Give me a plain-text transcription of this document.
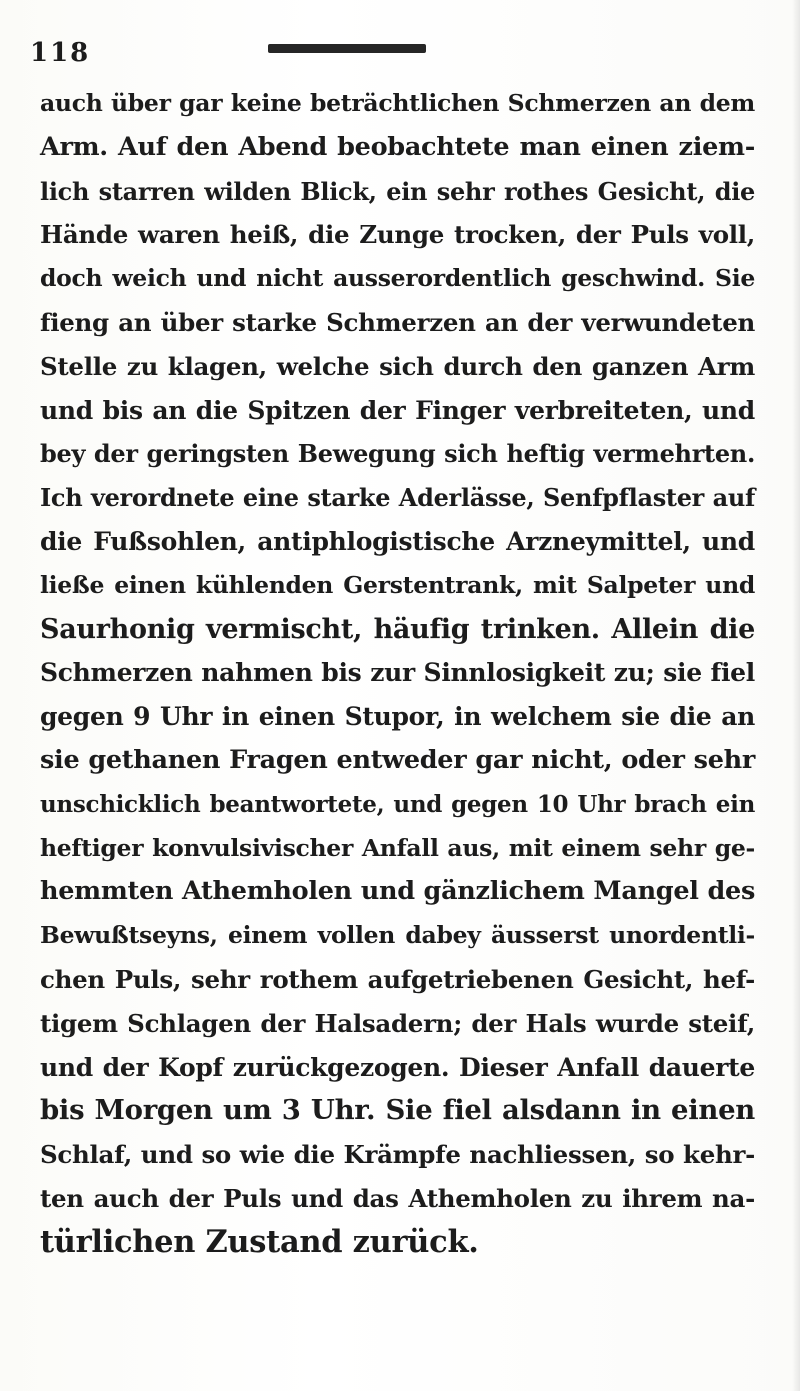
118
auch über gar keine beträchtlichen Schmerzen an dem
Arm. Auf den Abend beobachtete man einen ziem-
lich starren wilden Blick, ein sehr rothes Gesicht, die
Hände waren heiß, die Zunge trocken, der Puls voll,
doch weich und nicht ausserordentlich geschwind. Sie
fieng an über starke Schmerzen an der verwundeten
Stelle zu klagen, welche sich durch den ganzen Arm
und bis an die Spitzen der Finger verbreiteten, und
bey der geringsten Bewegung sich heftig vermehrten.
Ich verordnete eine starke Aderlässe, Senfpflaster auf
die Fußsohlen, antiphlogistische Arzneymittel, und
ließe einen kühlenden Gerstentrank, mit Salpeter und
Saurhonig vermischt, häufig trinken. Allein die
Schmerzen nahmen bis zur Sinnlosigkeit zu; sie fiel
gegen 9 Uhr in einen Stupor, in welchem sie die an
sie gethanen Fragen entweder gar nicht, oder sehr
unschicklich beantwortete, und gegen 10 Uhr brach ein
heftiger konvulsivischer Anfall aus, mit einem sehr ge-
hemmten Athemholen und gänzlichem Mangel des
Bewußtseyns, einem vollen dabey äusserst unordentli-
chen Puls, sehr rothem aufgetriebenen Gesicht, hef-
tigem Schlagen der Halsadern; der Hals wurde steif,
und der Kopf zurückgezogen. Dieser Anfall dauerte
bis Morgen um 3 Uhr. Sie fiel alsdann in einen
Schlaf, und so wie die Krämpfe nachliessen, so kehr-
ten auch der Puls und das Athemholen zu ihrem na-
türlichen Zustand zurück.
